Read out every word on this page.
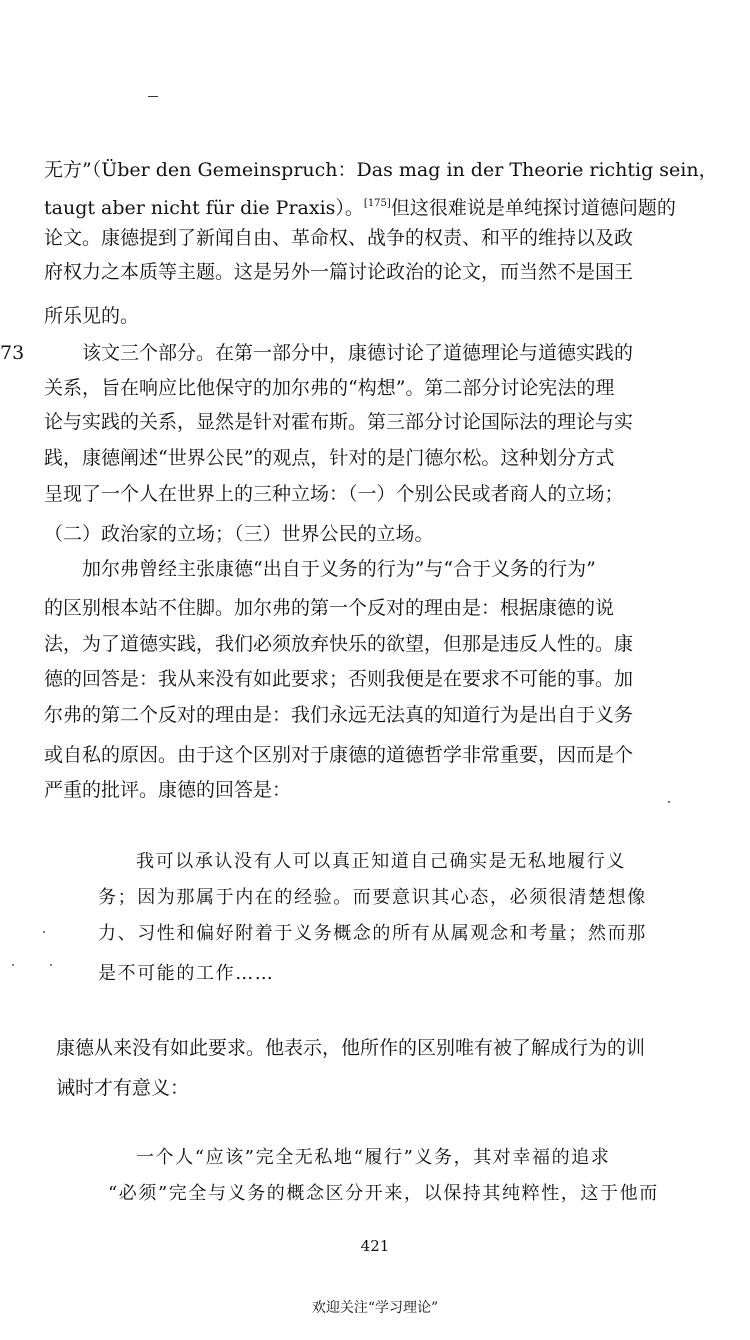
无方”（Über den Gemeinspruch：Das mag in der Theorie richtig sein，
taugt aber nicht für die Praxis）。[175]但这很难说是单纯探讨道德问题的
论文。康德提到了新闻自由、革命权、战争的权责、和平的维持以及政
府权力之本质等主题。这是另外一篇讨论政治的论文，而当然不是国王
所乐见的。
73	该文三个部分。在第一部分中，康德讨论了道德理论与道德实践的
关系，旨在响应比他保守的加尔弗的“构想”。第二部分讨论宪法的理
论与实践的关系，显然是针对霍布斯。第三部分讨论国际法的理论与实
践，康德阐述“世界公民”的观点，针对的是门德尔松。这种划分方式
呈现了一个人在世界上的三种立场：（一）个别公民或者商人的立场；
（二）政治家的立场；（三）世界公民的立场。
加尔弗曾经主张康德“出自于义务的行为”与“合于义务的行为”
的区别根本站不住脚。加尔弗的第一个反对的理由是：根据康德的说
法，为了道德实践，我们必须放弃快乐的欲望，但那是违反人性的。康
德的回答是：我从来没有如此要求；否则我便是在要求不可能的事。加
尔弗的第二个反对的理由是：我们永远无法真的知道行为是出自于义务
或自私的原因。由于这个区别对于康德的道德哲学非常重要，因而是个
严重的批评。康德的回答是：
我可以承认没有人可以真正知道自己确实是无私地履行义
务；因为那属于内在的经验。而要意识其心态，必须很清楚想像
力、习性和偏好附着于义务概念的所有从属观念和考量；然而那
是不可能的工作……
康德从来没有如此要求。他表示，他所作的区别唯有被了解成行为的训
诫时才有意义：
一个人“应该”完全无私地“履行”义务，其对幸福的追求
“必须”完全与义务的概念区分开来，以保持其纯粹性，这于他而
421
欢迎关注“学习理论”
